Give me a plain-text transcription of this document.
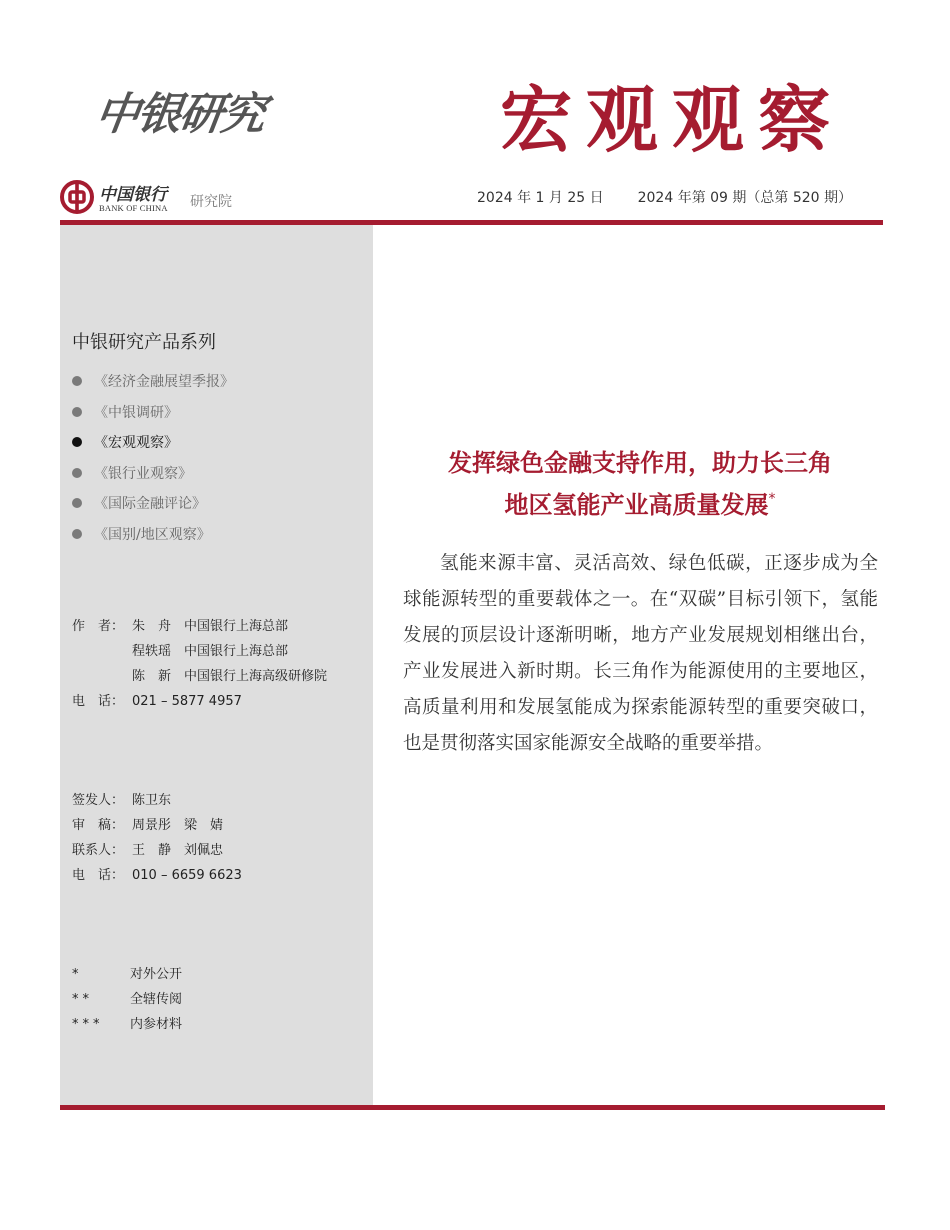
中银研究	宏观观察
中国银行
BANK OF CHINA 研究院	2024 年 1 月 25 日 2024 年第 09 期（总第 520 期）
中银研究产品系列
《经济金融展望季报》
《中银调研》
《宏观观察》
《银行业观察》
《国际金融评论》
《国别/地区观察》
作　者： 朱　舟 中国银行上海总部
程轶瑶 中国银行上海总部
陈　新 中国银行上海高级研修院
电　话： 021 – 5877 4957
签发人： 陈卫东
审　稿： 周景彤　梁　婧
联系人： 王　静　刘佩忠
电　话： 010 – 6659 6623
*	对外公开
**	全辖传阅
***	内参材料
发挥绿色金融支持作用，助力长三角
地区氢能产业高质量发展*

氢能来源丰富、灵活高效、绿色低碳，正逐步成为全球能源转型的重要载体之一。在“双碳”目标引领下，氢能发展的顶层设计逐渐明晰，地方产业发展规划相继出台，产业发展进入新时期。长三角作为能源使用的主要地区，高质量利用和发展氢能成为探索能源转型的重要突破口，也是贯彻落实国家能源安全战略的重要举措。
